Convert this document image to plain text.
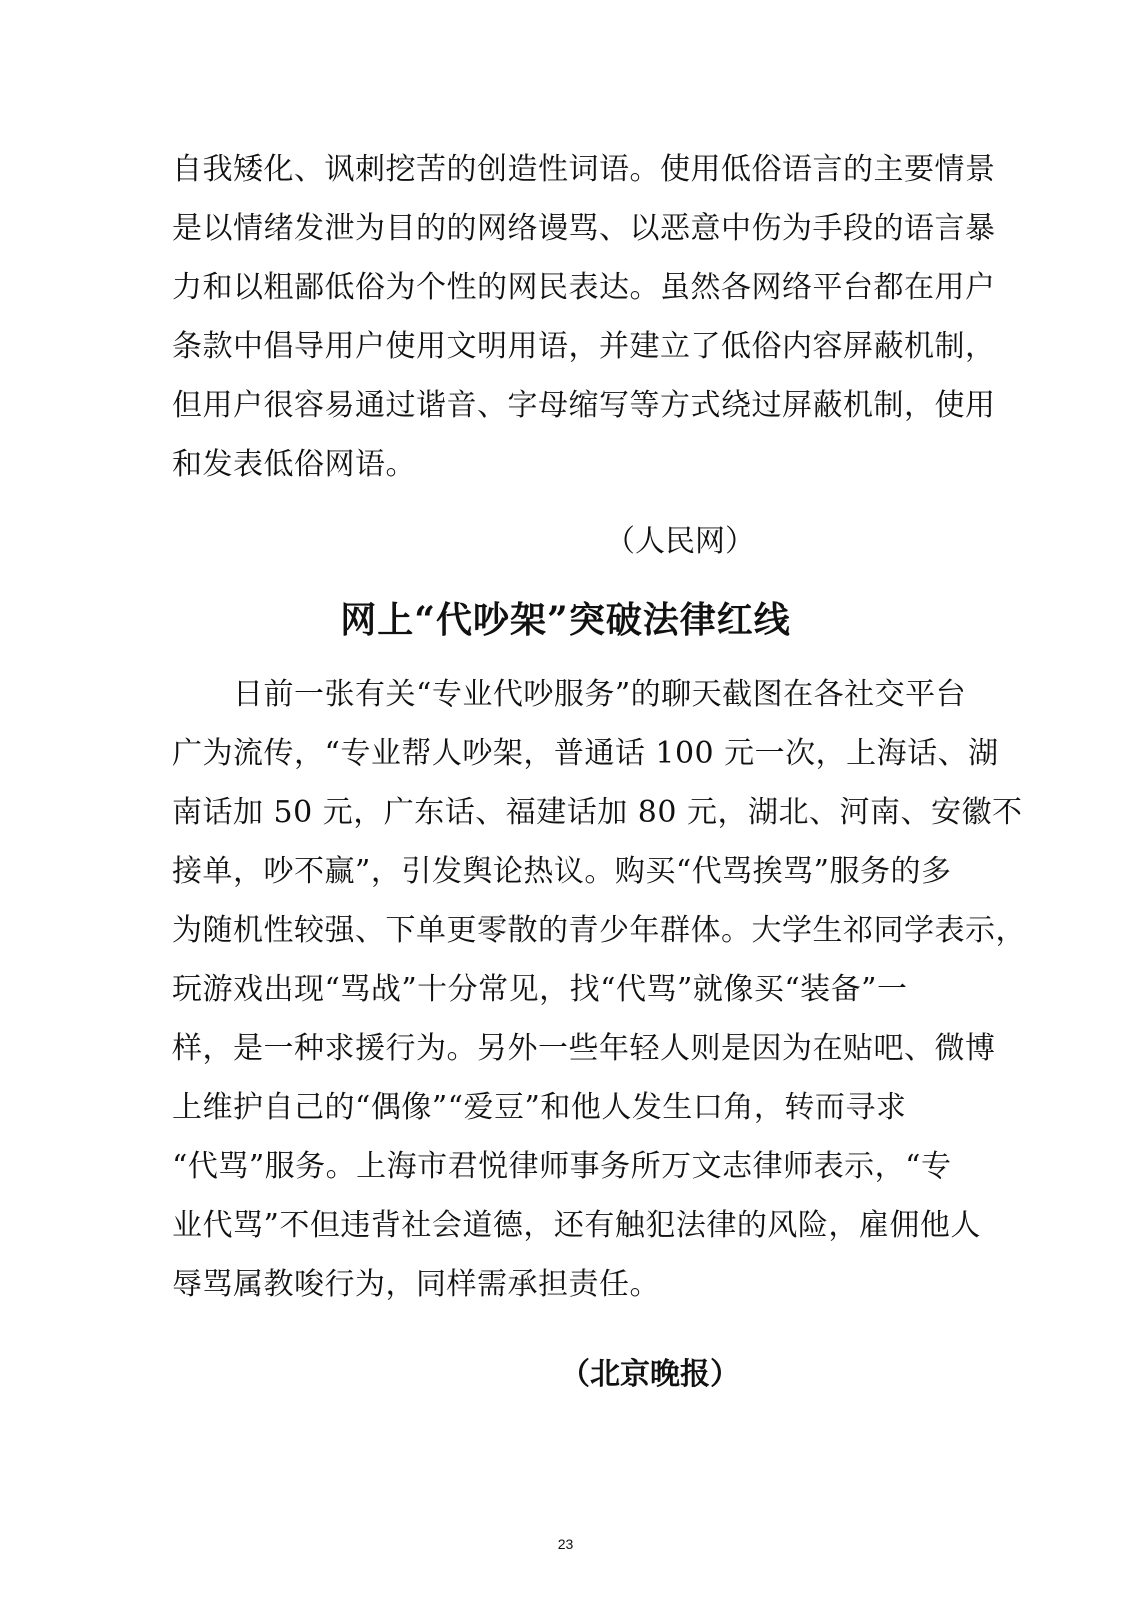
自我矮化、讽刺挖苦的创造性词语。使用低俗语言的主要情景
是以情绪发泄为目的的网络谩骂、以恶意中伤为手段的语言暴
力和以粗鄙低俗为个性的网民表达。虽然各网络平台都在用户
条款中倡导用户使用文明用语，并建立了低俗内容屏蔽机制，
但用户很容易通过谐音、字母缩写等方式绕过屏蔽机制，使用
和发表低俗网语。
（人民网）
网上“代吵架”突破法律红线
　　日前一张有关“专业代吵服务”的聊天截图在各社交平台
广为流传，“专业帮人吵架，普通话 100 元一次，上海话、湖
南话加 50 元，广东话、福建话加 80 元，湖北、河南、安徽不
接单，吵不赢”，引发舆论热议。购买“代骂挨骂”服务的多
为随机性较强、下单更零散的青少年群体。大学生祁同学表示，
玩游戏出现“骂战”十分常见，找“代骂”就像买“装备”一
样，是一种求援行为。另外一些年轻人则是因为在贴吧、微博
上维护自己的“偶像”“爱豆”和他人发生口角，转而寻求
“代骂”服务。上海市君悦律师事务所万文志律师表示，“专
业代骂”不但违背社会道德，还有触犯法律的风险，雇佣他人
辱骂属教唆行为，同样需承担责任。
（北京晚报）
23
